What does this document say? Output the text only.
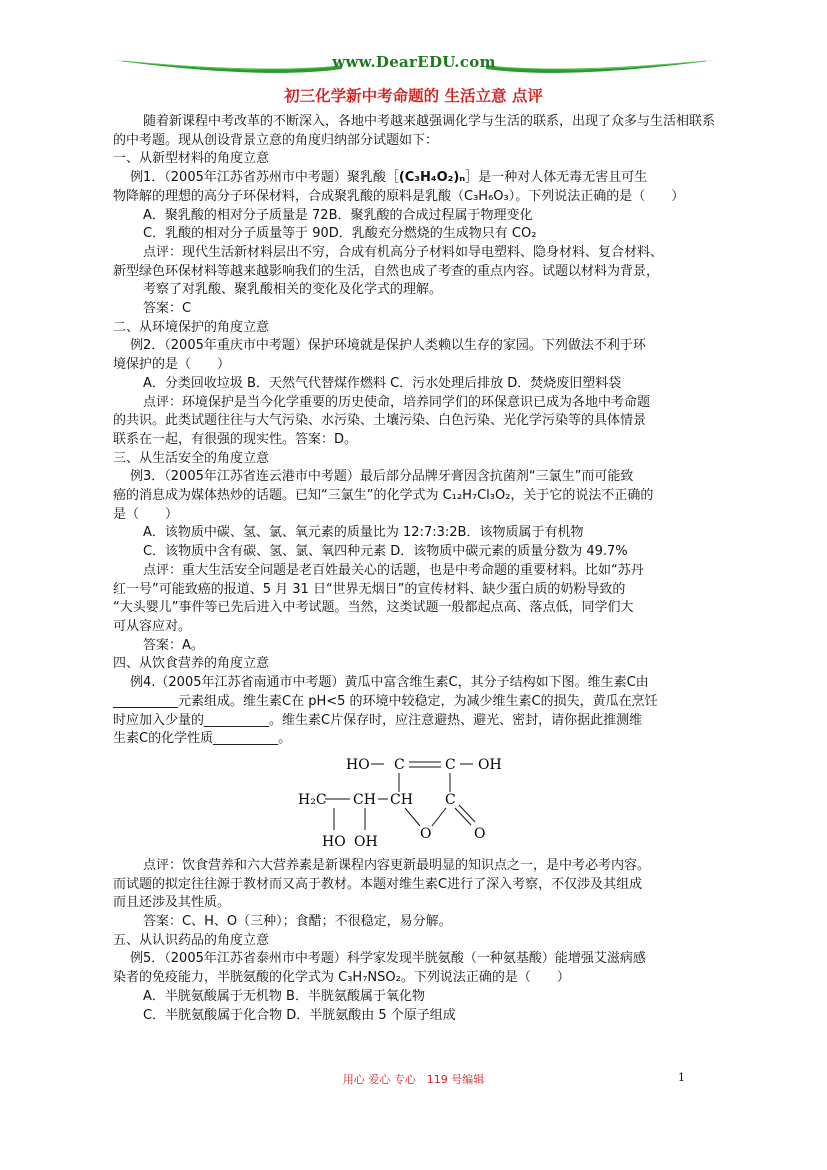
www.DearEDU.com
初三化学新中考命题的 生活立意 点评

随着新课程中考改革的不断深入，各地中考越来越强调化学与生活的联系，出现了众多与生活相联系的中考题。现从创设背景立意的角度归纳部分试题如下：

一、从新型材料的角度立意

例1．（2005年江苏省苏州市中考题）聚乳酸［(C₃H₄O₂)ₙ］是一种对人体无毒无害且可生

物降解的理想的高分子环保材料，合成聚乳酸的原料是乳酸（C₃H₆O₃）。下列说法正确的是（　　）

A．聚乳酸的相对分子质量是 72B．聚乳酸的合成过程属于物理变化

C．乳酸的相对分子质量等于 90D．乳酸充分燃烧的生成物只有 CO₂

点评：现代生活新材料层出不穷，合成有机高分子材料如导电塑料、隐身材料、复合材料、

新型绿色环保材料等越来越影响我们的生活，自然也成了考查的重点内容。试题以材料为背景，

考察了对乳酸、聚乳酸相关的变化及化学式的理解。

答案：C

二、从环境保护的角度立意

例2．（2005年重庆市中考题）保护环境就是保护人类赖以生存的家园。下列做法不利于环

境保护的是（　　）

A．分类回收垃圾 B．天然气代替煤作燃料 C．污水处理后排放 D．焚烧废旧塑料袋

点评：环境保护是当今化学重要的历史使命，培养同学们的环保意识已成为各地中考命题

的共识。此类试题往往与大气污染、水污染、土壤污染、白色污染、光化学污染等的具体情景

联系在一起，有很强的现实性。答案：D。

三、从生活安全的角度立意

例3．（2005年江苏省连云港市中考题）最后部分品牌牙膏因含抗菌剂“三氯生”而可能致

癌的消息成为媒体热炒的话题。已知“三氯生”的化学式为 C₁₂H₇Cl₃O₂，关于它的说法不正确的

是（　　）

A．该物质中碳、氢、氯、氧元素的质量比为 12:7:3:2B．该物质属于有机物

C．该物质中含有碳、氢、氯、氧四种元素 D．该物质中碳元素的质量分数为 49.7%

点评：重大生活安全问题是老百姓最关心的话题，也是中考命题的重要材料。比如“苏丹

红一号”可能致癌的报道、5 月 31 日“世界无烟日”的宣传材料、缺少蛋白质的奶粉导致的

“大头婴儿”事件等已先后进入中考试题。当然，这类试题一般都起点高、落点低，同学们大

可从容应对。

答案：A。

四、从饮食营养的角度立意

例4.（2005年江苏省南通市中考题）黄瓜中富含维生素C，其分子结构如下图。维生素C由

__________元素组成。维生素C在 pH<5 的环境中较稳定，为减少维生素C的损失，黄瓜在烹饪

时应加入少量的__________。维生素C片保存时，应注意避热、避光、密封，请你据此推测维

生素C的化学性质__________。

HO C	C OH
H₂C CH CH C
O	O
HO OH

点评：饮食营养和六大营养素是新课程内容更新最明显的知识点之一，是中考必考内容。

而试题的拟定往往源于教材而又高于教材。本题对维生素C进行了深入考察，不仅涉及其组成

而且还涉及其性质。

答案：C、H、O（三种）；食醋；不很稳定，易分解。

五、从认识药品的角度立意

例5．（2005年江苏省泰州市中考题）科学家发现半胱氨酸（一种氨基酸）能增强艾滋病感

染者的免疫能力，半胱氨酸的化学式为 C₃H₇NSO₂。下列说法正确的是（　　）

A．半胱氨酸属于无机物 B．半胱氨酸属于氧化物

C．半胱氨酸属于化合物 D．半胱氨酸由 5 个原子组成

用心 爱心 专心　119 号编辑	1
